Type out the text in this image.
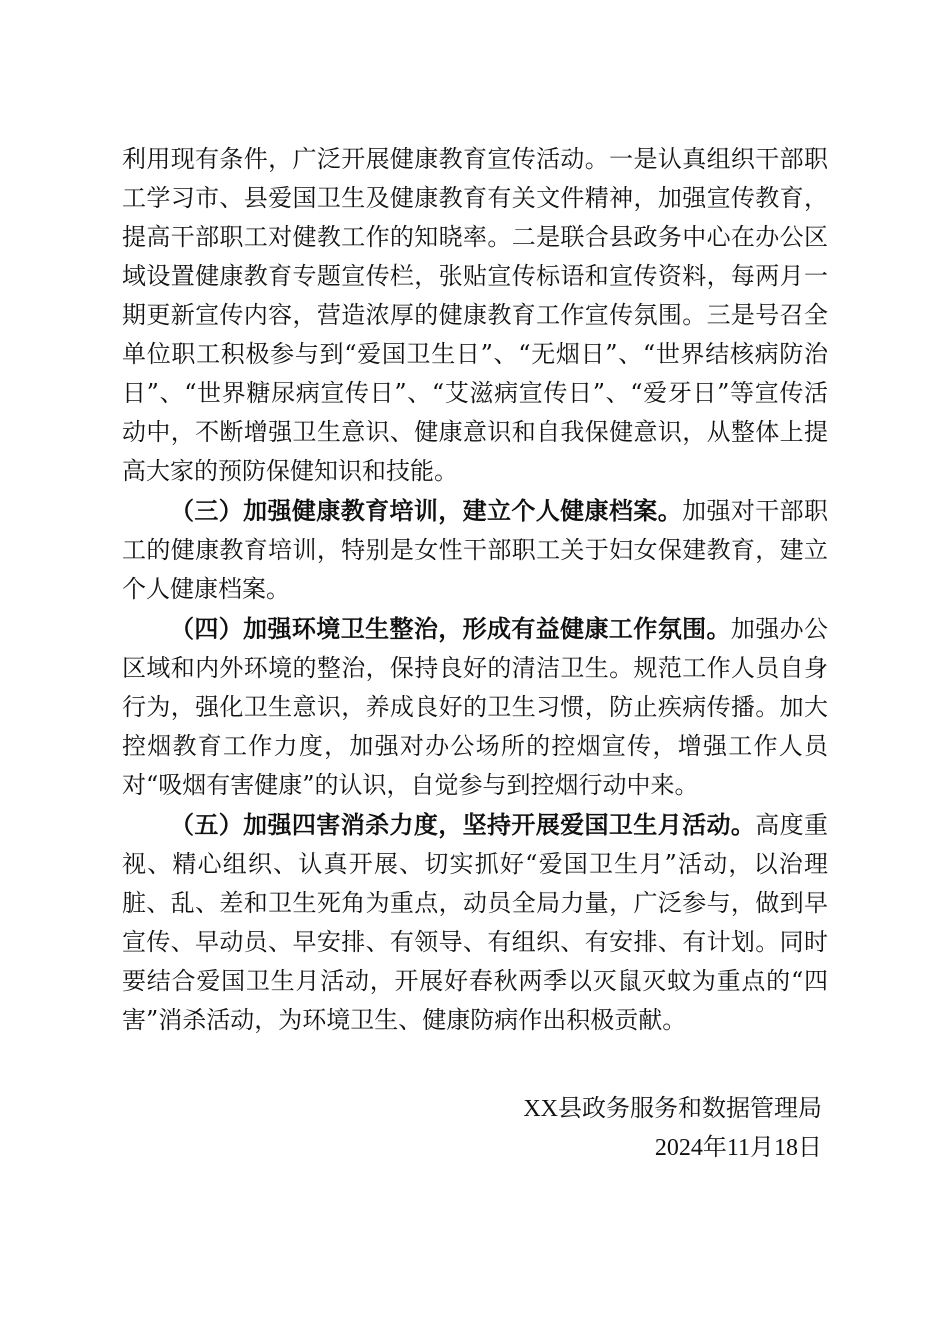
利用现有条件，广泛开展健康教育宣传活动。一是认真组织干部职工学习市、县爱国卫生及健康教育有关文件精神，加强宣传教育，提高干部职工对健教工作的知晓率。二是联合县政务中心在办公区域设置健康教育专题宣传栏，张贴宣传标语和宣传资料，每两月一期更新宣传内容，营造浓厚的健康教育工作宣传氛围。三是号召全单位职工积极参与到“爱国卫生日”、“无烟日”、“世界结核病防治日”、“世界糖尿病宣传日”、“艾滋病宣传日”、“爱牙日”等宣传活动中，不断增强卫生意识、健康意识和自我保健意识，从整体上提高大家的预防保健知识和技能。

（三）加强健康教育培训，建立个人健康档案。加强对干部职工的健康教育培训，特别是女性干部职工关于妇女保建教育，建立个人健康档案。

（四）加强环境卫生整治，形成有益健康工作氛围。加强办公区域和内外环境的整治，保持良好的清洁卫生。规范工作人员自身行为，强化卫生意识，养成良好的卫生习惯，防止疾病传播。加大控烟教育工作力度，加强对办公场所的控烟宣传，增强工作人员对“吸烟有害健康”的认识，自觉参与到控烟行动中来。

（五）加强四害消杀力度，坚持开展爱国卫生月活动。高度重视、精心组织、认真开展、切实抓好“爱国卫生月”活动，以治理脏、乱、差和卫生死角为重点，动员全局力量，广泛参与，做到早宣传、早动员、早安排、有领导、有组织、有安排、有计划。同时要结合爱国卫生月活动，开展好春秋两季以灭鼠灭蚊为重点的“四害”消杀活动，为环境卫生、健康防病作出积极贡献。

XX县政务服务和数据管理局
2024年11月18日
